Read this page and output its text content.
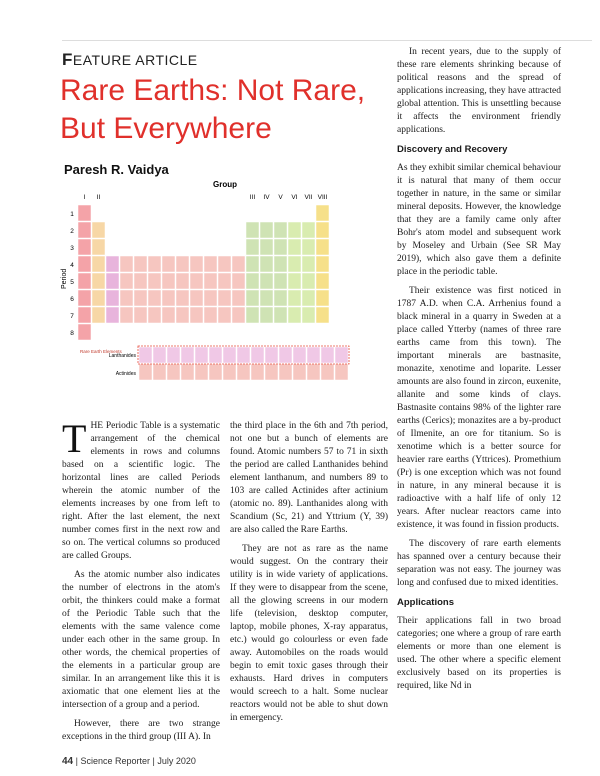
FEATURE ARTICLE
Rare Earths: Not Rare, But Everywhere
Paresh R. Vaidya
Group
Period
I II	III IV V VI VII VIII
1
2
3
4
5
6
7
8
Lanthanides
Actinides
Rare Earth Elements

T HE Periodic Table is a systematic arrangement of the chemical elements in rows and columns based on a scientific logic. The horizontal lines are called Periods wherein the atomic number of the elements increases by one from left to right. After the last element, the next number comes first in the next row and so on. The vertical columns so produced are called Groups.

As the atomic number also indicates the number of electrons in the atom's orbit, the thinkers could make a format of the Periodic Table such that the elements with the same valence come under each other in the same group. In other words, the chemical properties of the elements in a particular group are similar. In an arrangement like this it is axiomatic that one element lies at the intersection of a group and a period.

However, there are two strange exceptions in the third group (III A). In

the third place in the 6th and 7th period, not one but a bunch of elements are found. Atomic numbers 57 to 71 in sixth the period are called Lanthanides behind element lanthanum, and numbers 89 to 103 are called Actinides after actinium (atomic no. 89). Lanthanides along with Scandium (Sc, 21) and Yttrium (Y, 39) are also called the Rare Earths.

They are not as rare as the name would suggest. On the contrary their utility is in wide variety of applications. If they were to disappear from the scene, all the glowing screens in our modern life (television, desktop computer, laptop, mobile phones, X-ray apparatus, etc.) would go colourless or even fade away. Automobiles on the roads would begin to emit toxic gases through their exhausts. Hard drives in computers would screech to a halt. Some nuclear reactors would not be able to shut down in emergency.

In recent years, due to the supply of these rare elements shrinking because of political reasons and the spread of applications increasing, they have attracted global attention. This is unsettling because it affects the environment friendly applications.

Discovery and Recovery

As they exhibit similar chemical behaviour it is natural that many of them occur together in nature, in the same or similar mineral deposits. However, the knowledge that they are a family came only after Bohr's atom model and subsequent work by Moseley and Urbain (See SR May 2019), which also gave them a definite place in the periodic table.

Their existence was first noticed in 1787 A.D. when C.A. Arrhenius found a black mineral in a quarry in Sweden at a place called Ytterby (names of three rare earths came from this town). The important minerals are bastnasite, monazite, xenotime and loparite. Lesser amounts are also found in zircon, euxenite, allanite and some kinds of clays. Bastnasite contains 98% of the lighter rare earths (Cerics); monazites are a by-product of Ilmenite, an ore for titanium. So is xenotime which is a better source for heavier rare earths (Yttrices). Promethium (Pr) is one exception which was not found in nature, in any mineral because it is radioactive with a half life of only 12 years. After nuclear reactors came into existence, it was found in fission products.

The discovery of rare earth elements has spanned over a century because their separation was not easy. The journey was long and confused due to mixed identities.

Applications

Their applications fall in two broad categories; one where a group of rare earth elements or more than one element is used. The other where a specific element exclusively based on its properties is required, like Nd in

44 | Science Reporter | July 2020
